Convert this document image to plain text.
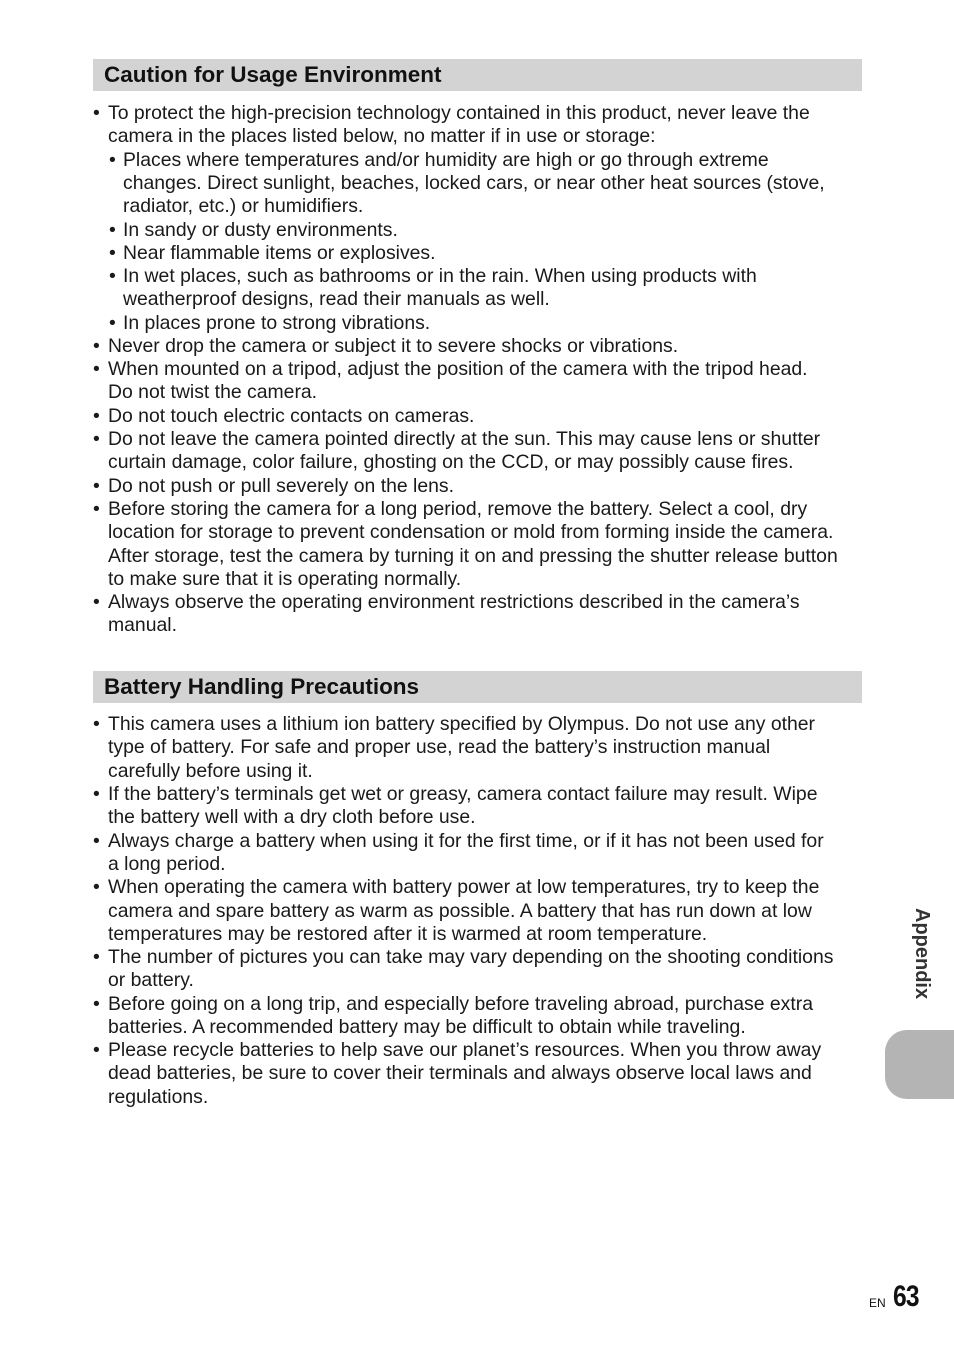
Caution for Usage Environment
• To protect the high-precision technology contained in this product, never leave the
camera in the places listed below, no matter if in use or storage:
• Places where temperatures and/or humidity are high or go through extreme
changes. Direct sunlight, beaches, locked cars, or near other heat sources (stove,
radiator, etc.) or humidifiers.
• In sandy or dusty environments.
• Near flammable items or explosives.
• In wet places, such as bathrooms or in the rain. When using products with
weatherproof designs, read their manuals as well.
• In places prone to strong vibrations.
• Never drop the camera or subject it to severe shocks or vibrations.
• When mounted on a tripod, adjust the position of the camera with the tripod head.
Do not twist the camera.
• Do not touch electric contacts on cameras.
• Do not leave the camera pointed directly at the sun. This may cause lens or shutter
curtain damage, color failure, ghosting on the CCD, or may possibly cause fires.
• Do not push or pull severely on the lens.
• Before storing the camera for a long period, remove the battery. Select a cool, dry
location for storage to prevent condensation or mold from forming inside the camera.
After storage, test the camera by turning it on and pressing the shutter release button
to make sure that it is operating normally.
• Always observe the operating environment restrictions described in the camera’s
manual.
Battery Handling Precautions
• This camera uses a lithium ion battery specified by Olympus. Do not use any other
type of battery. For safe and proper use, read the battery’s instruction manual
carefully before using it.
• If the battery’s terminals get wet or greasy, camera contact failure may result. Wipe
the battery well with a dry cloth before use.
• Always charge a battery when using it for the first time, or if it has not been used for
a long period.
• When operating the camera with battery power at low temperatures, try to keep the
camera and spare battery as warm as possible. A battery that has run down at low
temperatures may be restored after it is warmed at room temperature.
• The number of pictures you can take may vary depending on the shooting conditions
or battery.
• Before going on a long trip, and especially before traveling abroad, purchase extra
batteries. A recommended battery may be difficult to obtain while traveling.
• Please recycle batteries to help save our planet’s resources. When you throw away
dead batteries, be sure to cover their terminals and always observe local laws and
regulations.
Appendix
EN 63
